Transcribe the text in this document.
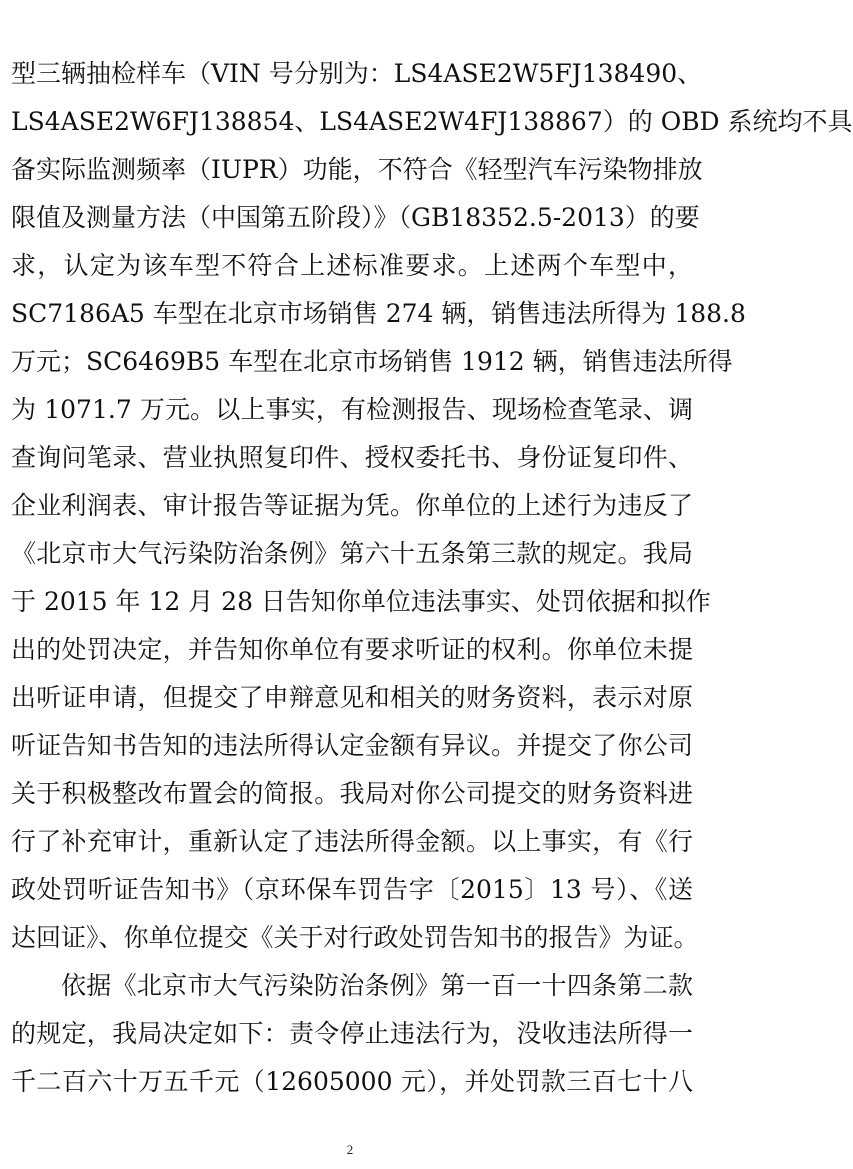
型三辆抽检样车（VIN 号分别为：LS4ASE2W5FJ138490、
LS4ASE2W6FJ138854、LS4ASE2W4FJ138867）的 OBD 系统均不具
备实际监测频率（IUPR）功能，不符合《轻型汽车污染物排放
限值及测量方法（中国第五阶段）》（GB18352.5-2013）的要
求，认定为该车型不符合上述标准要求。上述两个车型中，
SC7186A5 车型在北京市场销售 274 辆，销售违法所得为 188.8
万元；SC6469B5 车型在北京市场销售 1912 辆，销售违法所得
为 1071.7 万元。以上事实，有检测报告、现场检查笔录、调
查询问笔录、营业执照复印件、授权委托书、身份证复印件、
企业利润表、审计报告等证据为凭。你单位的上述行为违反了
《北京市大气污染防治条例》第六十五条第三款的规定。我局
于 2015 年 12 月 28 日告知你单位违法事实、处罚依据和拟作
出的处罚决定，并告知你单位有要求听证的权利。你单位未提
出听证申请，但提交了申辩意见和相关的财务资料，表示对原
听证告知书告知的违法所得认定金额有异议。并提交了你公司
关于积极整改布置会的简报。我局对你公司提交的财务资料进
行了补充审计，重新认定了违法所得金额。以上事实，有《行
政处罚听证告知书》（京环保车罚告字〔2015〕13 号）、《送
达回证》、你单位提交《关于对行政处罚告知书的报告》为证。
依据《北京市大气污染防治条例》第一百一十四条第二款
的规定，我局决定如下：责令停止违法行为，没收违法所得一
千二百六十万五千元（12605000 元），并处罚款三百七十八
2
